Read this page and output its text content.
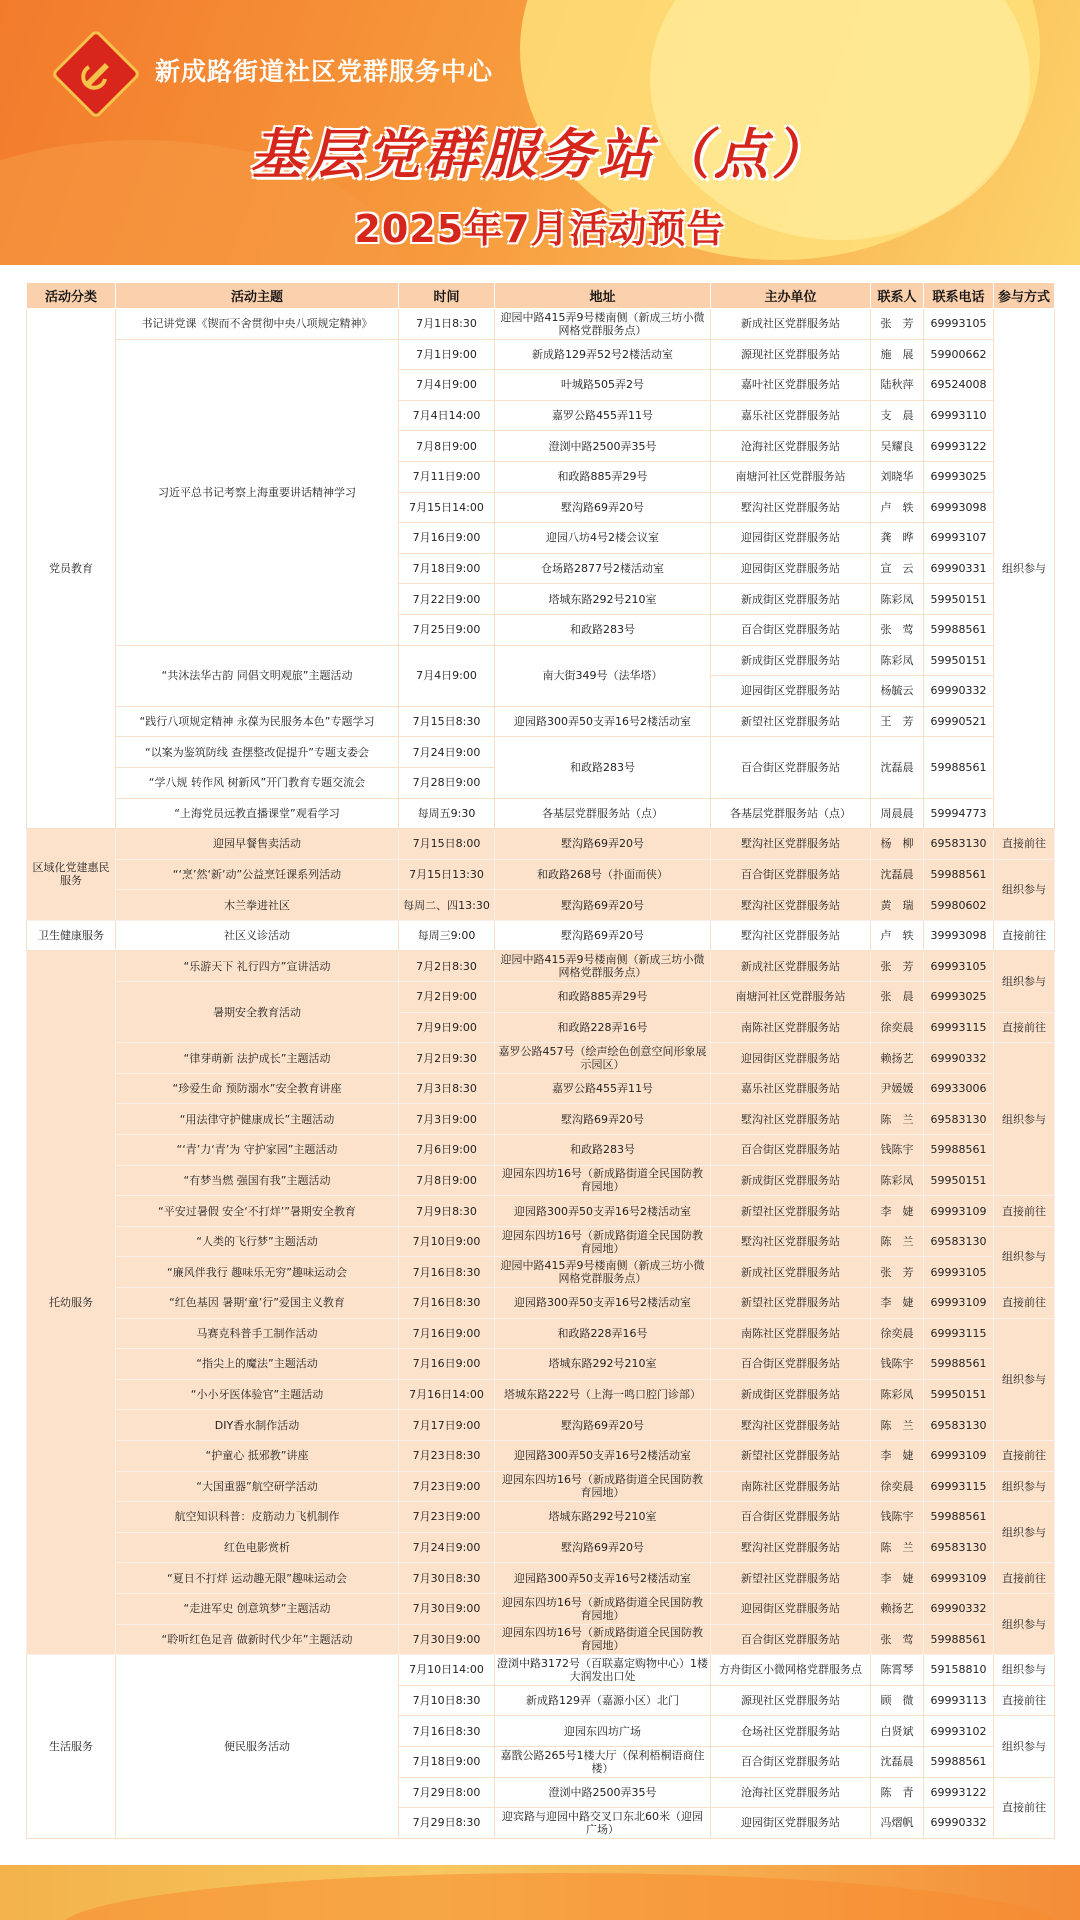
新成路街道社区党群服务中心
基层党群服务站（点）
2025年7月活动预告
活动分类	活动主题	时间	地址	主办单位	联系人	联系电话	参与方式
党员教育	书记讲党课《锲而不舍贯彻中央八项规定精神》	7月1日8:30	迎园中路415弄9号楼南侧（新成三坊小微网格党群服务点）	新成社区党群服务站	张　芳	69993105	组织参与
	习近平总书记考察上海重要讲话精神学习	7月1日9:00	新成路129弄52号2楼活动室	源现社区党群服务站	施　展	59900662	
		7月4日9:00	叶城路505弄2号	嘉叶社区党群服务站	陆秋萍	69524008	
		7月4日14:00	嘉罗公路455弄11号	嘉乐社区党群服务站	支　晨	69993110	
		7月8日9:00	澄浏中路2500弄35号	沧海社区党群服务站	吴耀良	69993122	
		7月11日9:00	和政路885弄29号	南塘河社区党群服务站	刘晓华	69993025	
		7月15日14:00	墅沟路69弄20号	墅沟社区党群服务站	卢　轶	69993098	
		7月16日9:00	迎园八坊4号2楼会议室	迎园街区党群服务站	龚　晔	69993107	
		7月18日9:00	仓场路2877号2楼活动室	迎园街区党群服务站	宣　云	69990331	
		7月22日9:00	塔城东路292号210室	新成街区党群服务站	陈彩凤	59950151	
		7月25日9:00	和政路283号	百合街区党群服务站	张　莺	59988561	
	“共沐法华古韵 同倡文明观旅”主题活动	7月4日9:00	南大街349号（法华塔）	新成街区党群服务站	陈彩凤	59950151	
				迎园街区党群服务站	杨毓云	69990332	
	“践行八项规定精神 永葆为民服务本色”专题学习	7月15日8:30	迎园路300弄50支弄16号2楼活动室	新望社区党群服务站	王　芳	69990521	
	“以案为鉴筑防线 查摆整改促提升”专题支委会	7月24日9:00	和政路283号	百合街区党群服务站	沈磊晨	59988561	
	“学八规 转作风 树新风”开门教育专题交流会	7月28日9:00					
	“上海党员远教直播课堂”观看学习	每周五9:30	各基层党群服务站（点）	各基层党群服务站（点）	周晨晨	59994773	
区域化党建惠民服务	迎园早餐售卖活动	7月15日8:00	墅沟路69弄20号	墅沟社区党群服务站	杨　柳	69583130	直接前往
	“‘烹’然‘新’动”公益烹饪课系列活动	7月15日13:30	和政路268号（扑面而侠）	百合街区党群服务站	沈磊晨	59988561	组织参与
	木兰拳进社区	每周二、四13:30	墅沟路69弄20号	墅沟社区党群服务站	黄　瑞	59980602	
卫生健康服务	社区义诊活动	每周三9:00	墅沟路69弄20号	墅沟社区党群服务站	卢　轶	39993098	直接前往
托幼服务	“乐游天下 礼行四方”宣讲活动	7月2日8:30	迎园中路415弄9号楼南侧（新成三坊小微网格党群服务点）	新成社区党群服务站	张　芳	69993105	组织参与
	暑期安全教育活动	7月2日9:00	和政路885弄29号	南塘河社区党群服务站	张　晨	69993025	
		7月9日9:00	和政路228弄16号	南陈社区党群服务站	徐奕晨	69993115	直接前往
	“律芽萌新 法护成长”主题活动	7月2日9:30	嘉罗公路457号（绘声绘色创意空间形象展示园区）	迎园街区党群服务站	赖扬艺	69990332	组织参与
	“珍爱生命 预防溺水”安全教育讲座	7月3日8:30	嘉罗公路455弄11号	嘉乐社区党群服务站	尹媛媛	69933006	
	“用法律守护健康成长”主题活动	7月3日9:00	墅沟路69弄20号	墅沟社区党群服务站	陈　兰	69583130	
	“‘青’力‘青’为 守护家园”主题活动	7月6日9:00	和政路283号	百合街区党群服务站	钱陈宇	59988561	
	“有梦当燃 强国有我”主题活动	7月8日9:00	迎园东四坊16号（新成路街道全民国防教育园地）	新成街区党群服务站	陈彩凤	59950151	
	“平安过暑假 安全‘不打烊’”暑期安全教育	7月9日8:30	迎园路300弄50支弄16号2楼活动室	新望社区党群服务站	李　婕	69993109	直接前往
	“人类的飞行梦”主题活动	7月10日9:00	迎园东四坊16号（新成路街道全民国防教育园地）	墅沟社区党群服务站	陈　兰	69583130	组织参与
	“廉风伴我行 趣味乐无穷”趣味运动会	7月16日8:30	迎园中路415弄9号楼南侧（新成三坊小微网格党群服务点）	新成社区党群服务站	张　芳	69993105	
	“红色基因 暑期‘童’行”爱国主义教育	7月16日8:30	迎园路300弄50支弄16号2楼活动室	新望社区党群服务站	李　婕	69993109	直接前往
	马赛克科普手工制作活动	7月16日9:00	和政路228弄16号	南陈社区党群服务站	徐奕晨	69993115	组织参与
	“指尖上的魔法”主题活动	7月16日9:00	塔城东路292号210室	百合街区党群服务站	钱陈宇	59988561	
	“小小牙医体验官”主题活动	7月16日14:00	塔城东路222号（上海一鸣口腔门诊部）	新成街区党群服务站	陈彩凤	59950151	
	DIY香水制作活动	7月17日9:00	墅沟路69弄20号	墅沟社区党群服务站	陈　兰	69583130	
	“护童心 抵邪教”讲座	7月23日8:30	迎园路300弄50支弄16号2楼活动室	新望社区党群服务站	李　婕	69993109	直接前往
	“大国重器”航空研学活动	7月23日9:00	迎园东四坊16号（新成路街道全民国防教育园地）	南陈社区党群服务站	徐奕晨	69993115	组织参与
	航空知识科普：皮筋动力飞机制作	7月23日9:00	塔城东路292号210室	百合街区党群服务站	钱陈宇	59988561	组织参与
	红色电影赏析	7月24日9:00	墅沟路69弄20号	墅沟社区党群服务站	陈　兰	69583130	
	“夏日不打烊 运动趣无限”趣味运动会	7月30日8:30	迎园路300弄50支弄16号2楼活动室	新望社区党群服务站	李　婕	69993109	直接前往
	“走进军史 创意筑梦”主题活动	7月30日9:00	迎园东四坊16号（新成路街道全民国防教育园地）	迎园街区党群服务站	赖扬艺	69990332	组织参与
	“聆听红色足音 做新时代少年”主题活动	7月30日9:00	迎园东四坊16号（新成路街道全民国防教育园地）	百合街区党群服务站	张　莺	59988561	
生活服务	便民服务活动	7月10日14:00	澄浏中路3172号（百联嘉定购物中心）1楼大润发出口处	方舟街区小微网格党群服务点	陈霄琴	59158810	组织参与
		7月10日8:30	新成路129弄（嘉源小区）北门	源现社区党群服务站	顾　微	69993113	直接前往
		7月16日8:30	迎园东四坊广场	仓场社区党群服务站	白贤斌	69993102	组织参与
		7月18日9:00	嘉戬公路265号1楼大厅（保利梧桐语商住楼）	百合街区党群服务站	沈磊晨	59988561	
		7月29日8:00	澄浏中路2500弄35号	沧海社区党群服务站	陈　青	69993122	直接前往
		7月29日8:30	迎宾路与迎园中路交叉口东北60米（迎园广场）	迎园街区党群服务站	冯熠帆	69990332	
